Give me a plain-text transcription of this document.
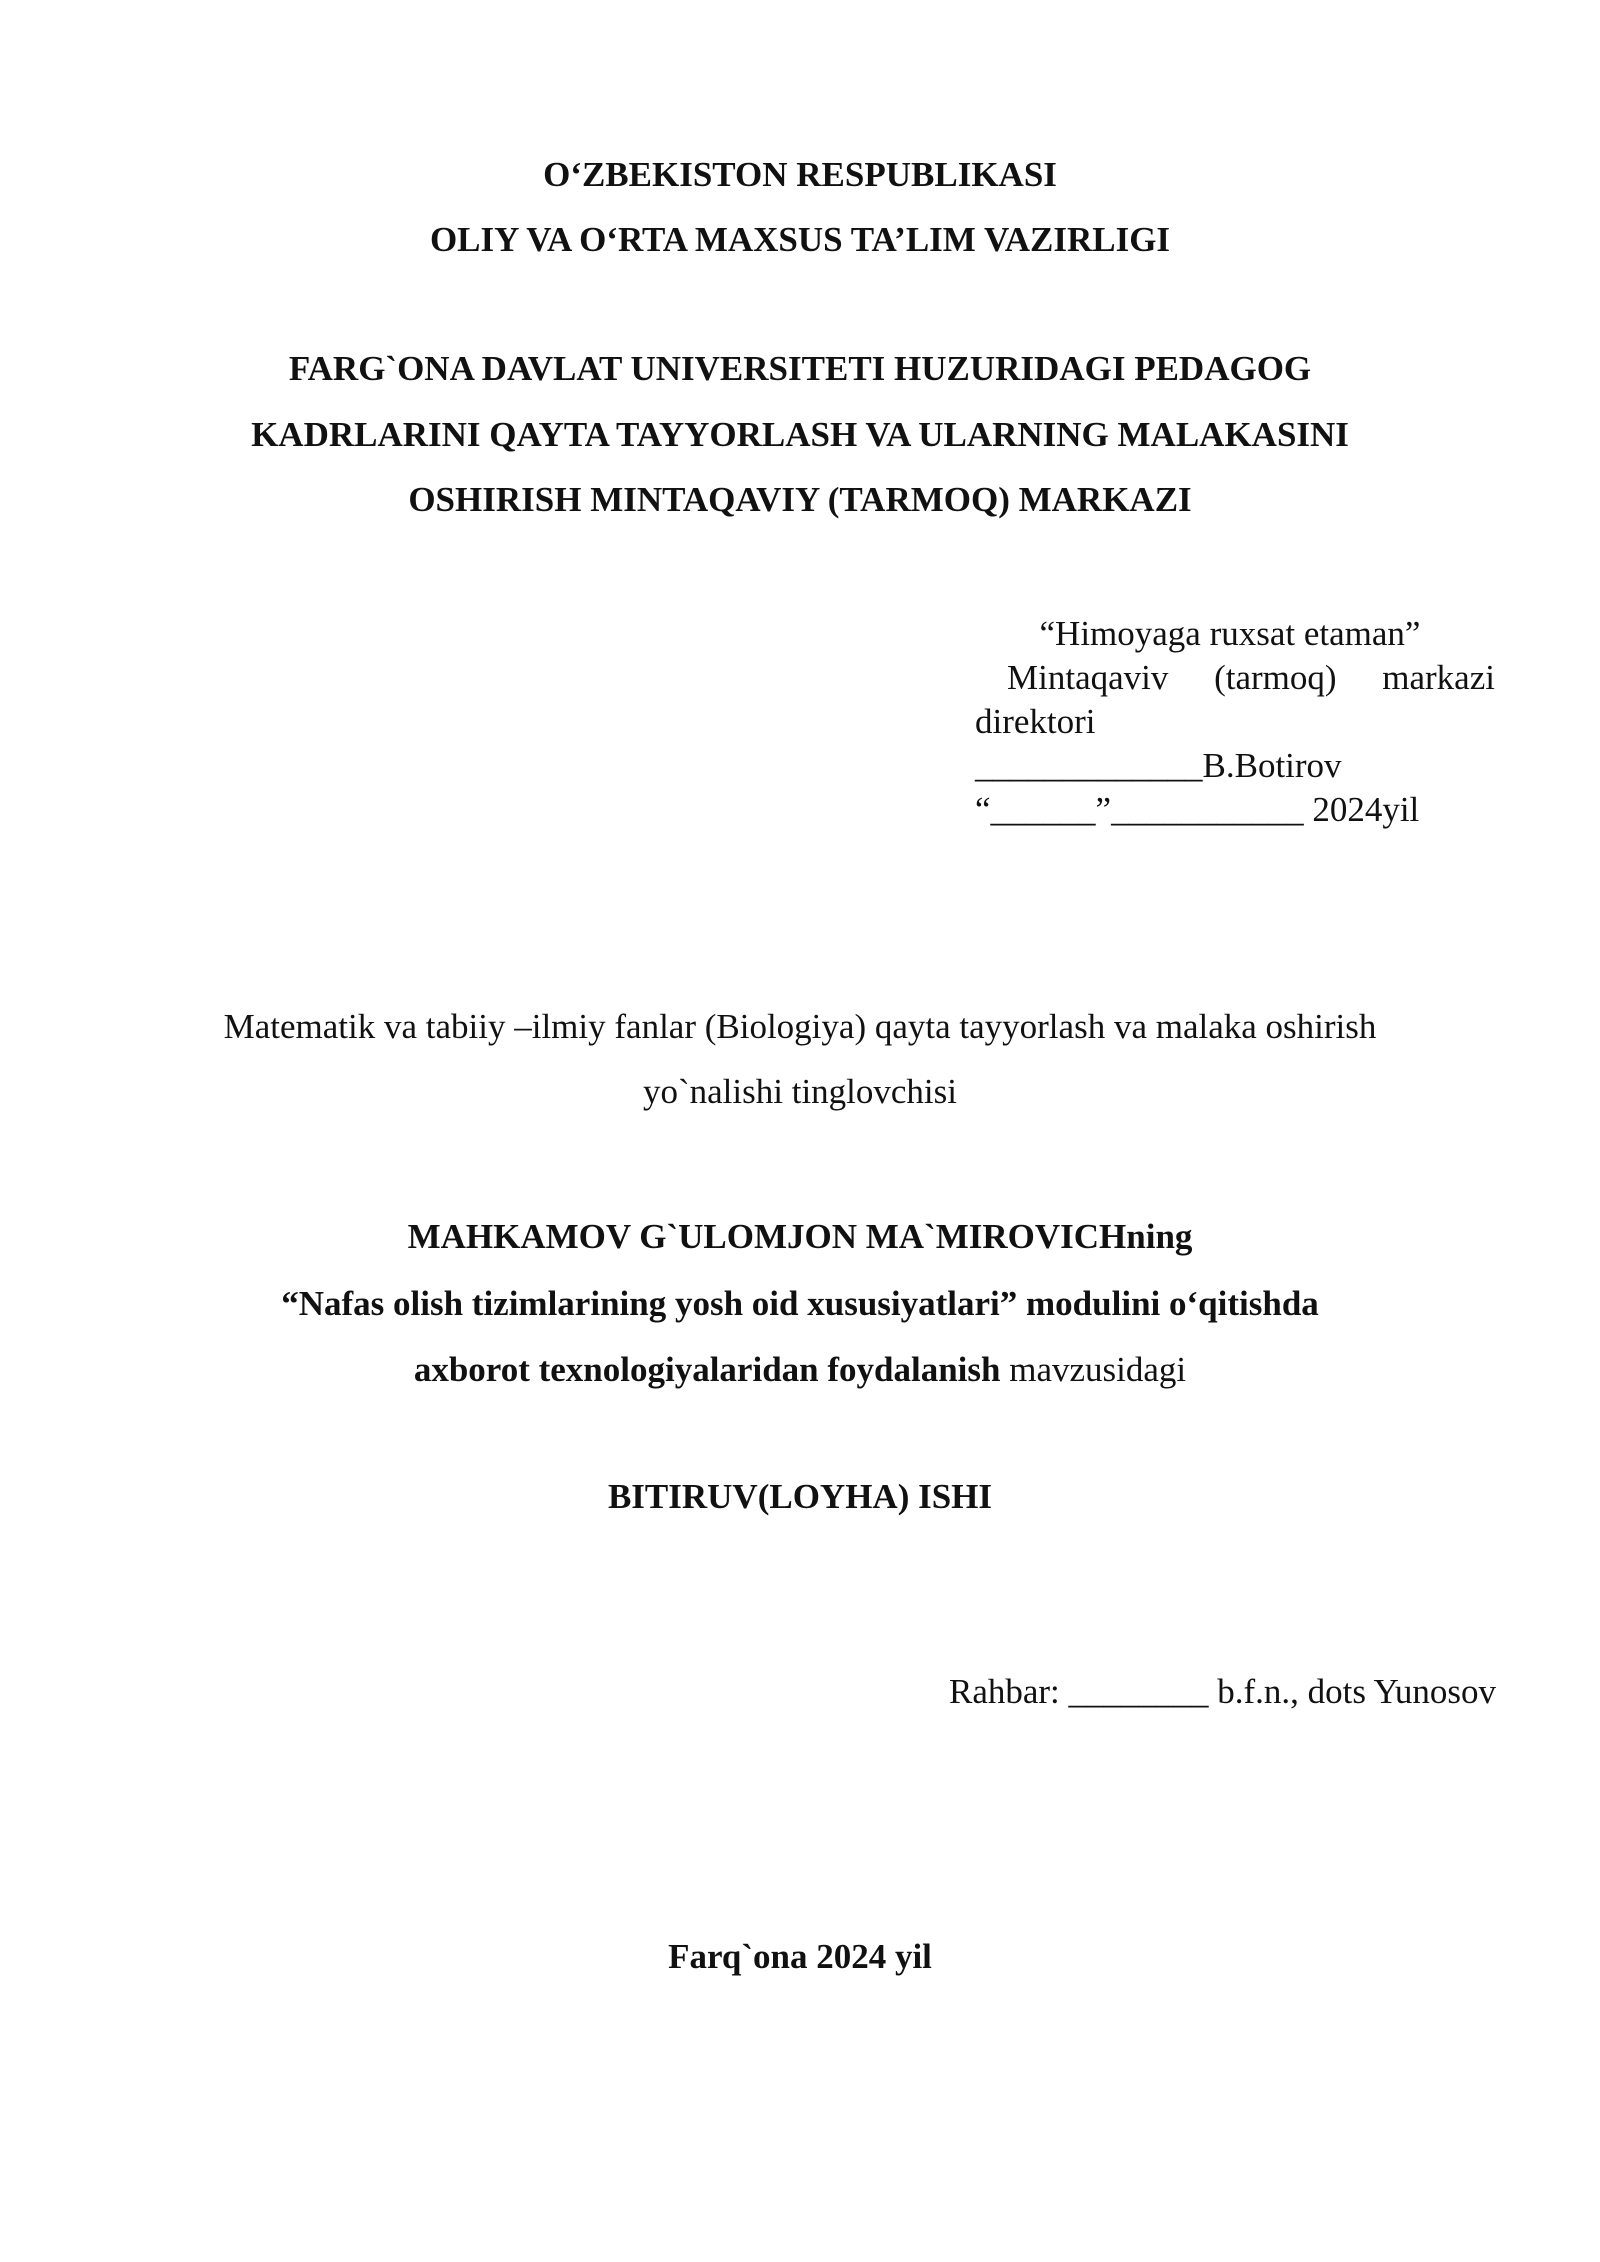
O‘ZBEKISTON RESPUBLIKASI
OLIY VA O‘RTA MAXSUS TA’LIM VAZIRLIGI
FARG`ONA DAVLAT UNIVERSITETI HUZURIDAGI PEDAGOG
KADRLARINI QAYTA TAYYORLASH VA ULARNING MALAKASINI
OSHIRISH MINTAQAVIY (TARMOQ) MARKAZI
“Himoyaga ruxsat etaman”
Mintaqaviv (tarmoq) markazi
direktori
_____________B.Botirov
“______”___________ 2024yil
Matematik va tabiiy –ilmiy fanlar (Biologiya) qayta tayyorlash va malaka oshirish
yo`nalishi tinglovchisi
MAHKAMOV G`ULOMJON MA`MIROVICHning
“Nafas olish tizimlarining yosh oid xususiyatlari” modulini o‘qitishda
axborot texnologiyalaridan foydalanish mavzusidagi
BITIRUV(LOYHA) ISHI
Rahbar: ________ b.f.n., dots Yunosov
Farq`ona 2024 yil
